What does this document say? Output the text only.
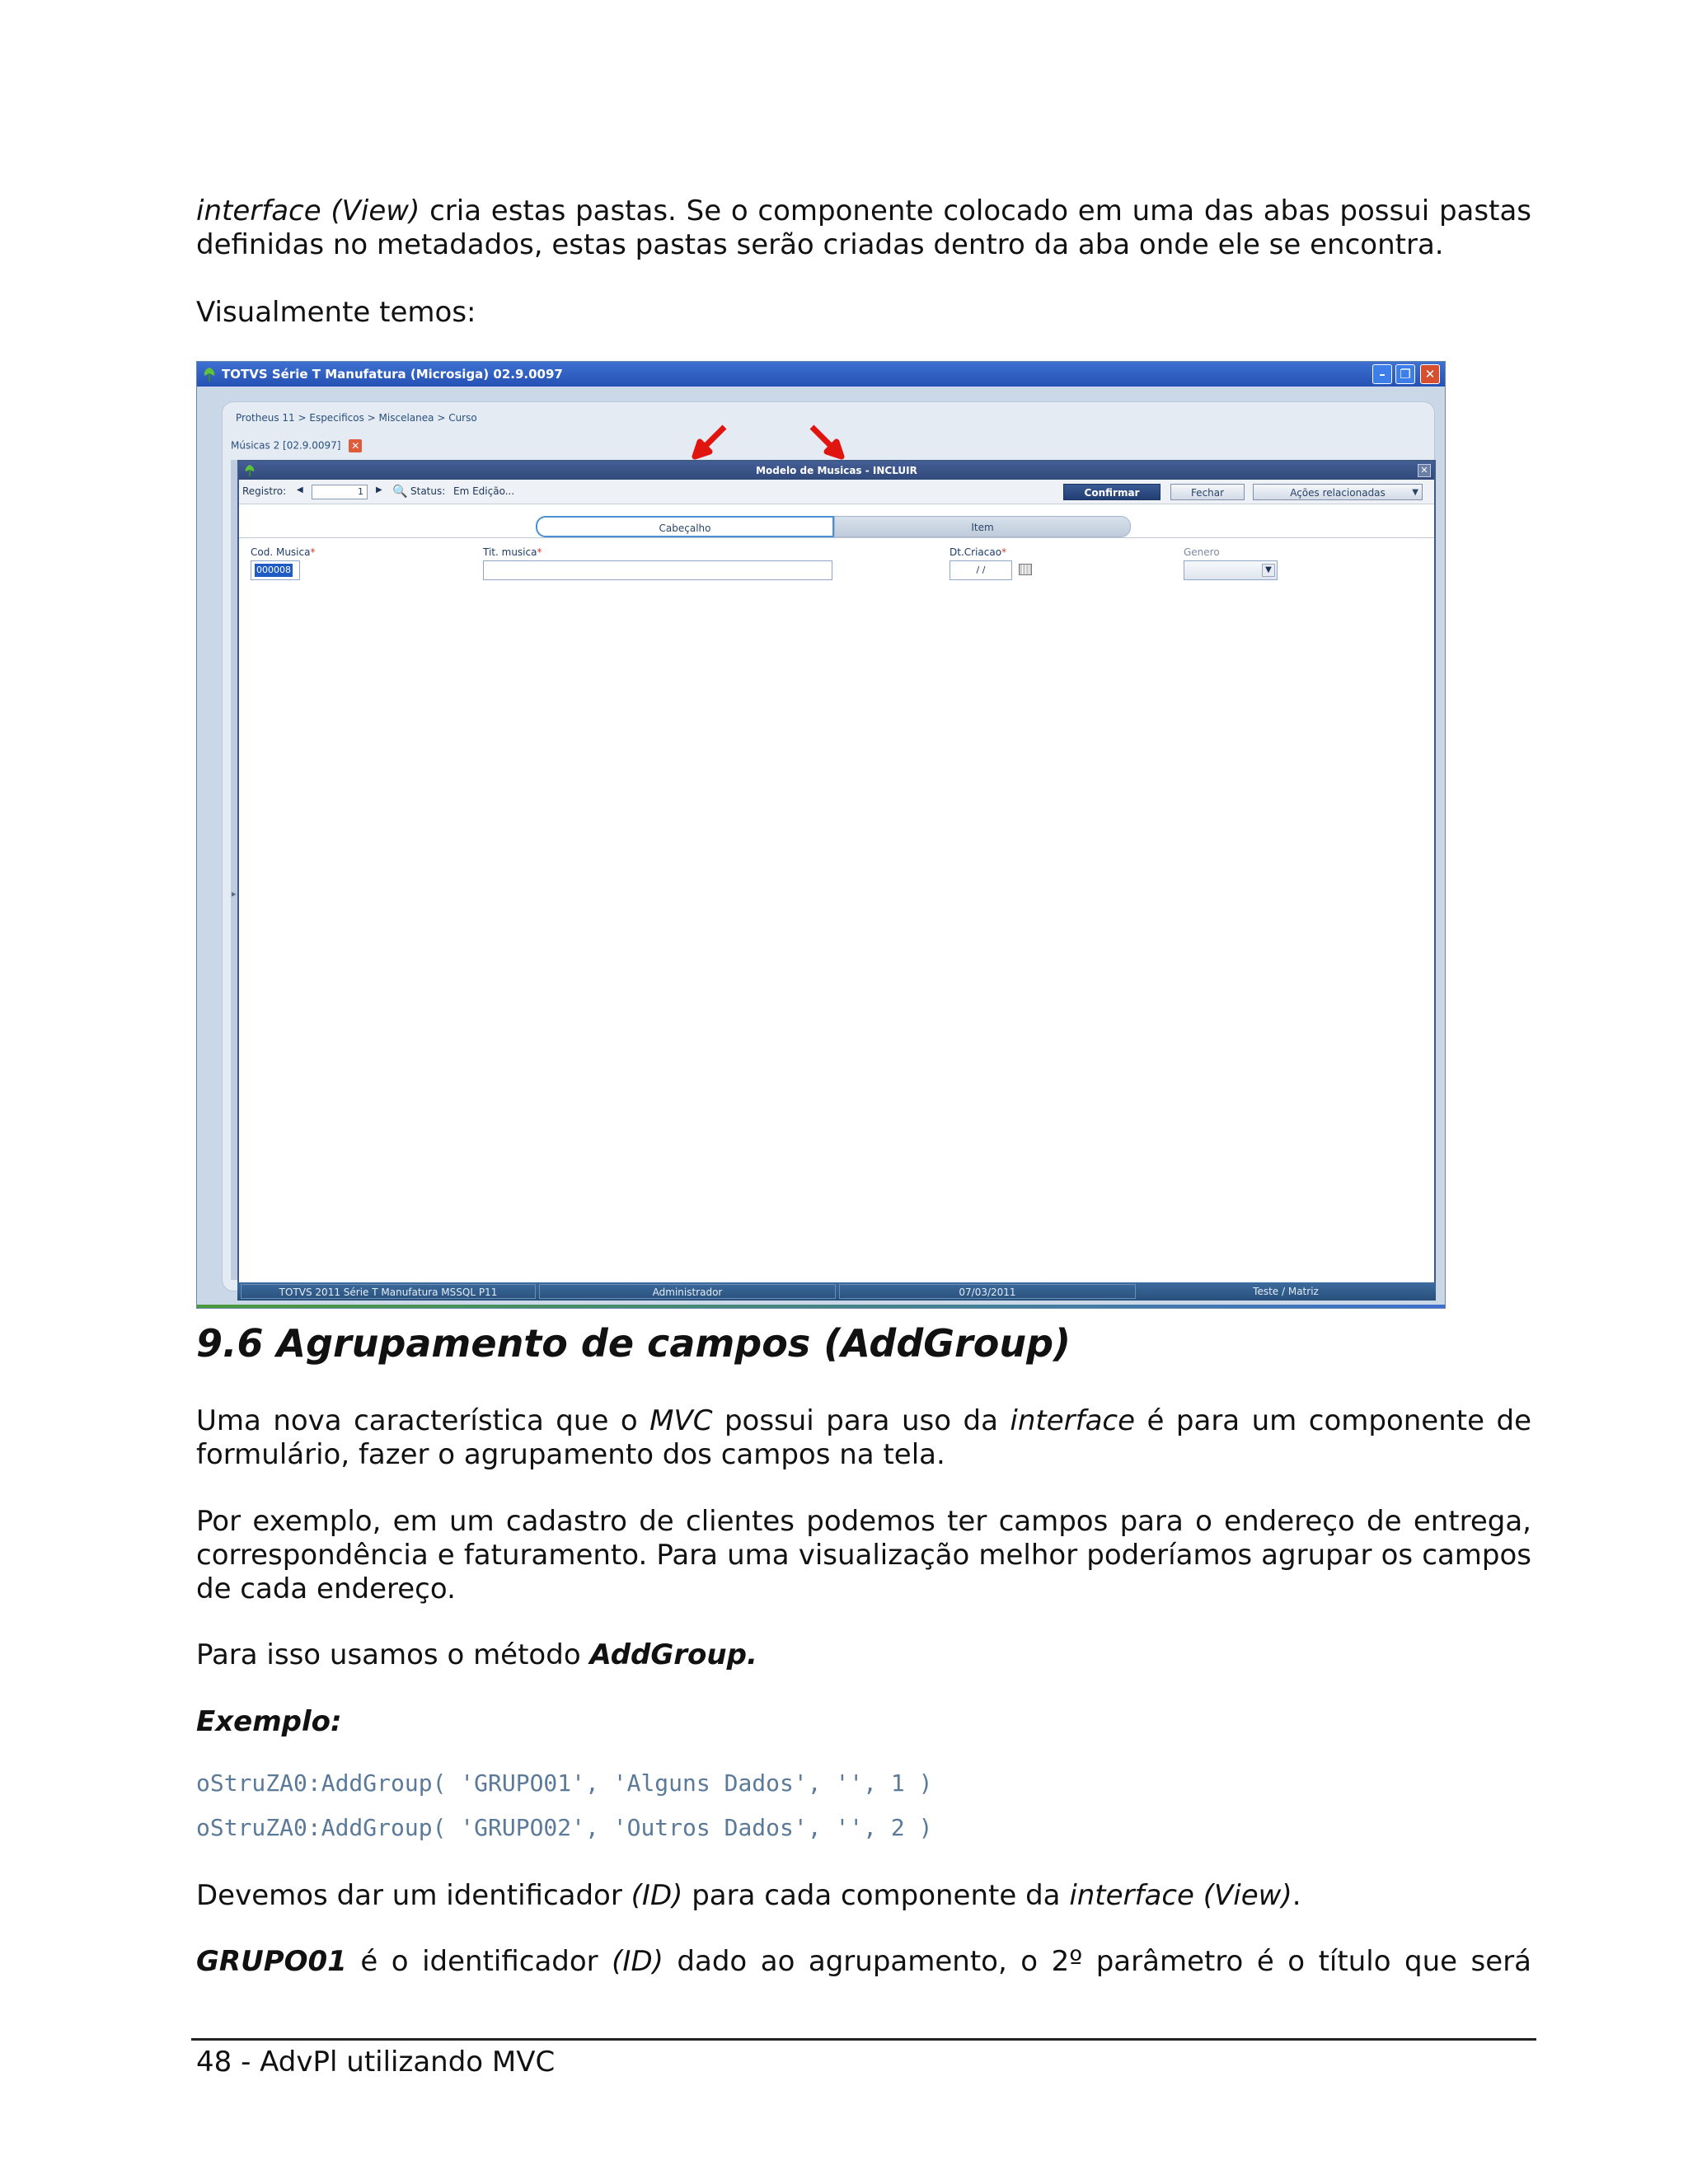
interface (View) cria estas pastas. Se o componente colocado em uma das abas possui pastas
definidas no metadados, estas pastas serão criadas dentro da aba onde ele se encontra.
Visualmente temos:
TOTVS Série T Manufatura (Microsiga) 02.9.0097	–	❐	✕
Protheus 11 > Especificos > Miscelanea > Curso
Músicas 2 [02.9.0097] ✕
▸
Modelo de Musicas - INCLUIR	✕
Registro: ◀	1	▶ 🔍 Status: Em Edição...	Confirmar	Fechar	Ações relacionadas	▼
Cabeçalho	Item
Cod. Musica*
000008
Tit. musica*	Dt.Criacao*
/ /
Genero
▼
TOTVS 2011 Série T Manufatura MSSQL P11	Administrador	07/03/2011	Teste / Matriz
9.6 Agrupamento de campos (AddGroup)
Uma nova característica que o MVC possui para uso da interface é para um componente de
formulário, fazer o agrupamento dos campos na tela.
Por exemplo, em um cadastro de clientes podemos ter campos para o endereço de entrega,
correspondência e faturamento. Para uma visualização melhor poderíamos agrupar os campos
de cada endereço.
Para isso usamos o método AddGroup.
Exemplo:
oStruZA0:AddGroup( 'GRUPO01', 'Alguns Dados', '', 1 )
oStruZA0:AddGroup( 'GRUPO02', 'Outros Dados', '', 2 )
Devemos dar um identificador (ID) para cada componente da interface (View).
GRUPO01 é o identificador (ID) dado ao agrupamento, o 2º parâmetro é o título que será
48 - AdvPl utilizando MVC
